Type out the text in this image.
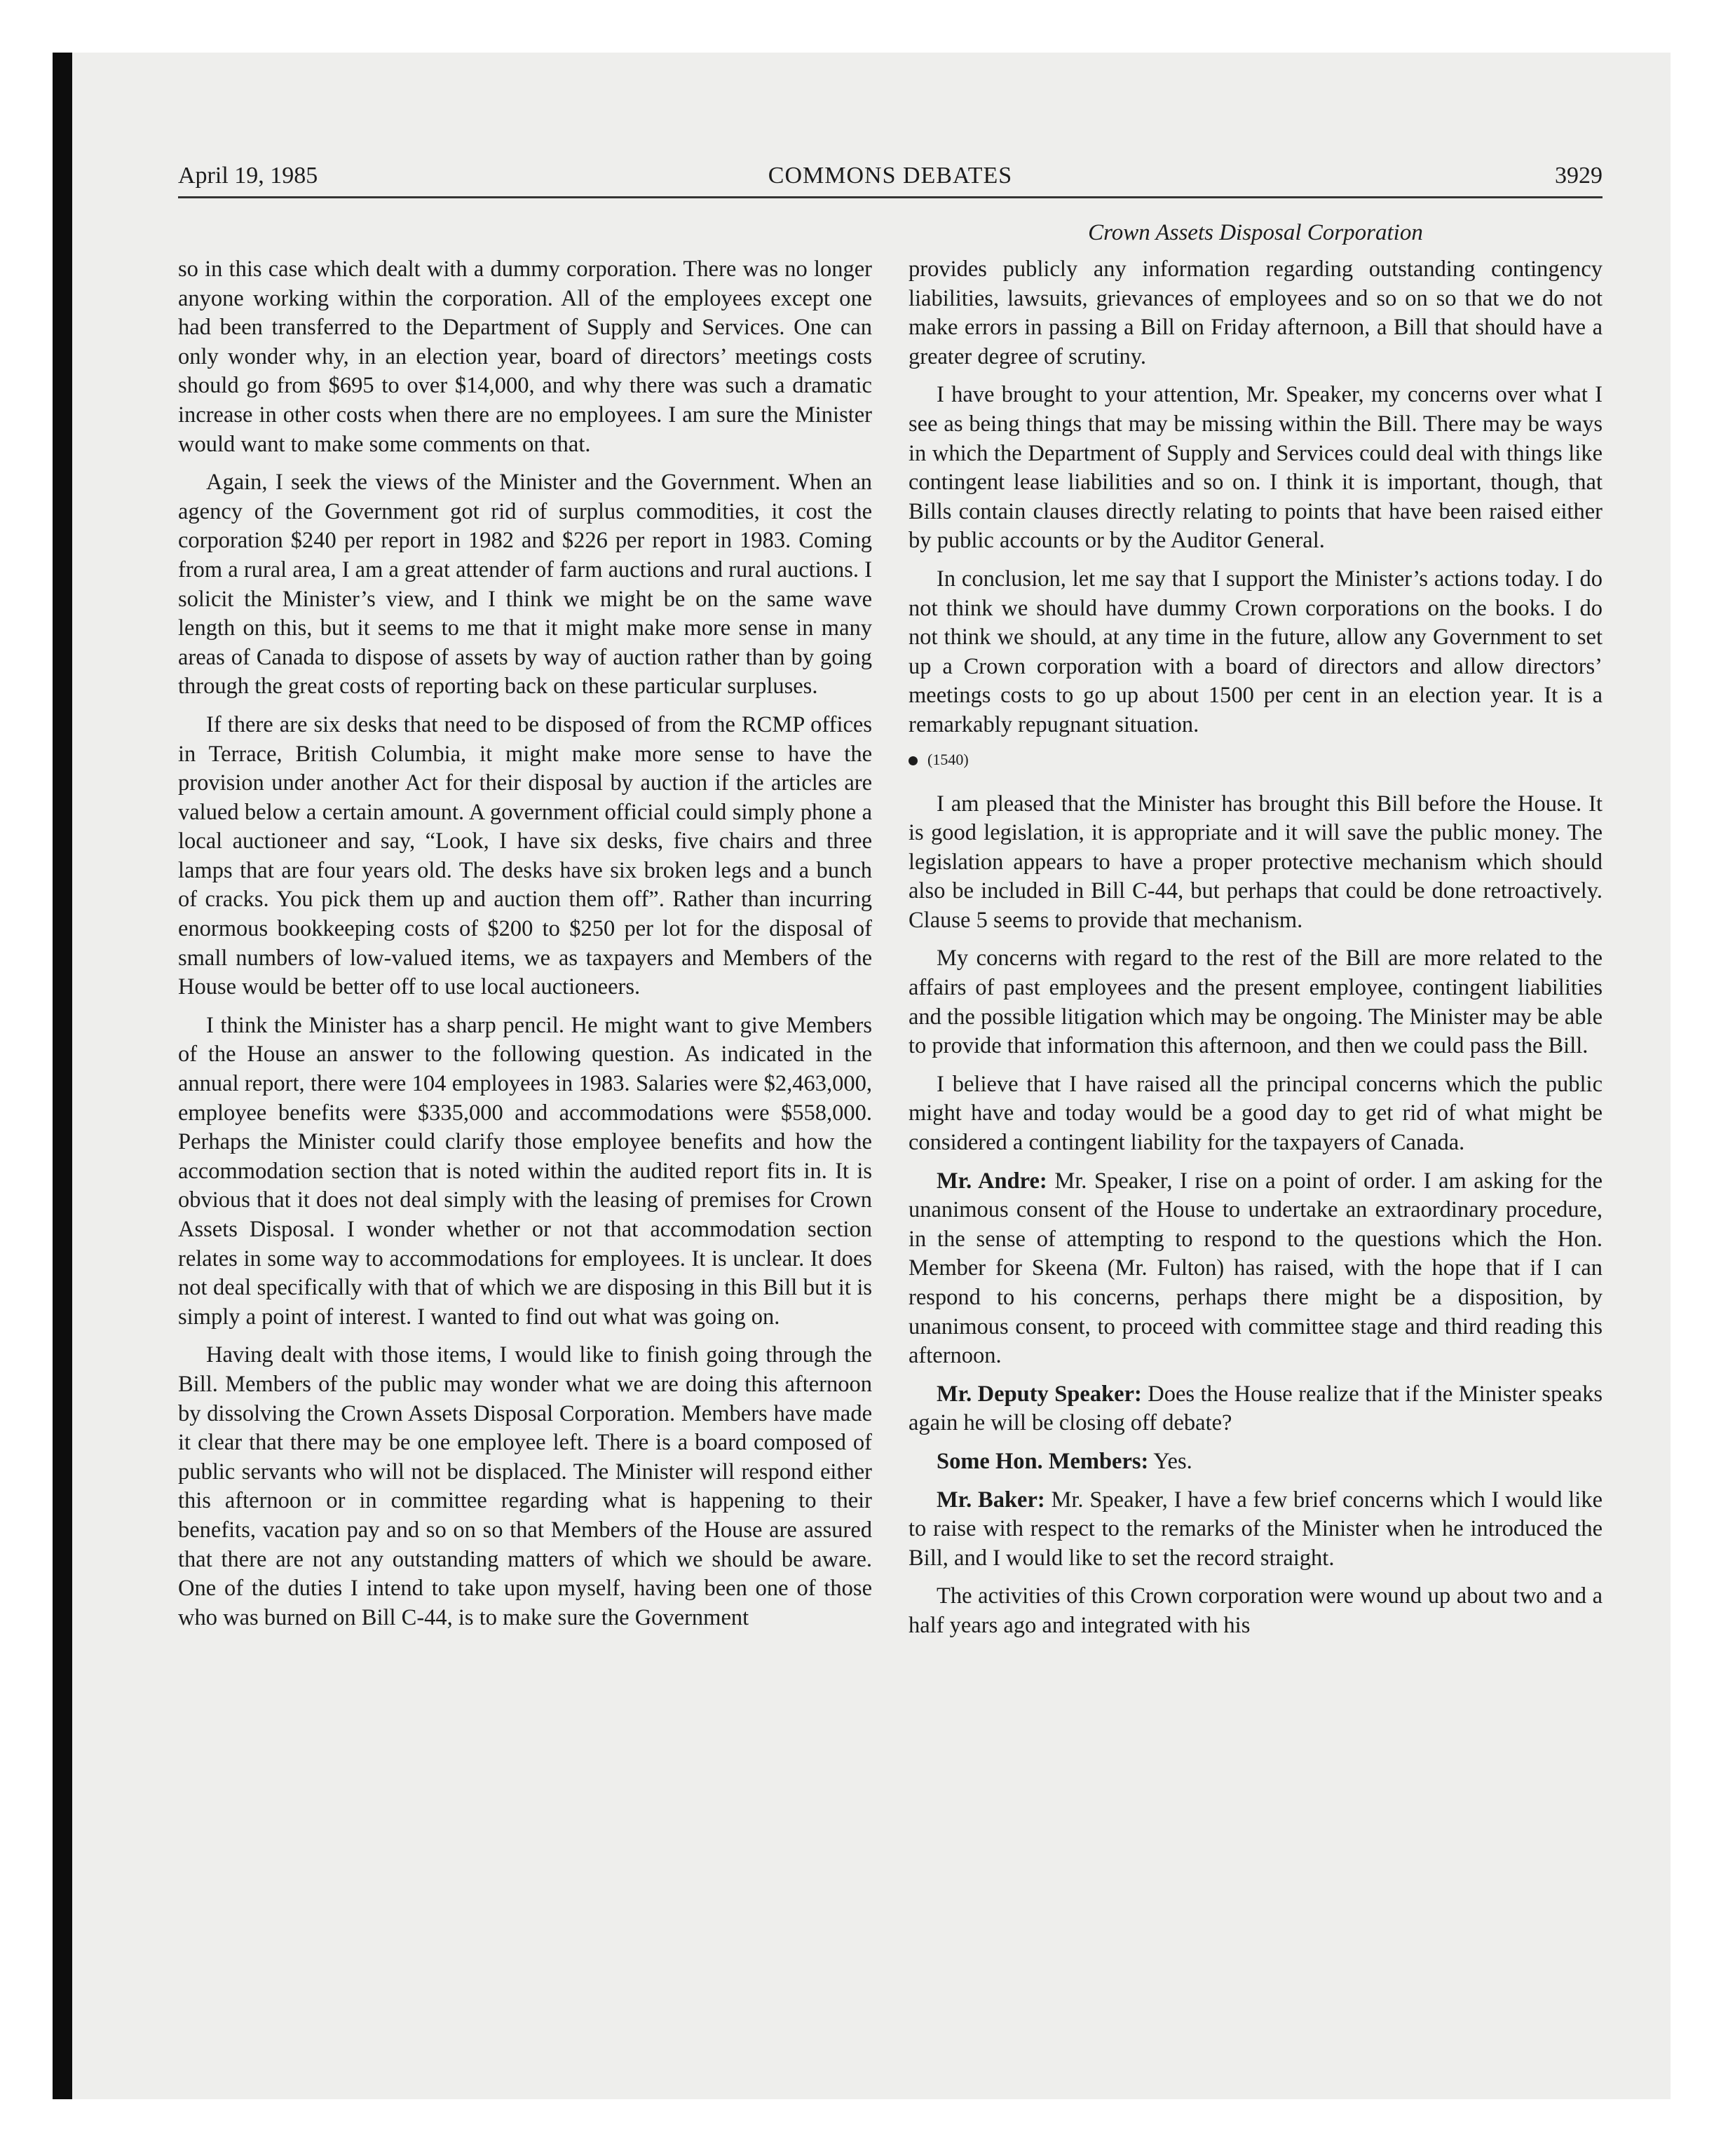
April 19, 1985	COMMONS DEBATES	3929
Crown Assets Disposal Corporation

so in this case which dealt with a dummy corporation. There was no longer anyone working within the corporation. All of the employees except one had been transferred to the Department of Supply and Services. One can only wonder why, in an election year, board of directors’ meetings costs should go from $695 to over $14,000, and why there was such a dramatic increase in other costs when there are no employees. I am sure the Minister would want to make some comments on that.

Again, I seek the views of the Minister and the Government. When an agency of the Government got rid of surplus commodities, it cost the corporation $240 per report in 1982 and $226 per report in 1983. Coming from a rural area, I am a great attender of farm auctions and rural auctions. I solicit the Minister’s view, and I think we might be on the same wave length on this, but it seems to me that it might make more sense in many areas of Canada to dispose of assets by way of auction rather than by going through the great costs of reporting back on these particular surpluses.

If there are six desks that need to be disposed of from the RCMP offices in Terrace, British Columbia, it might make more sense to have the provision under another Act for their disposal by auction if the articles are valued below a certain amount. A government official could simply phone a local auctioneer and say, “Look, I have six desks, five chairs and three lamps that are four years old. The desks have six broken legs and a bunch of cracks. You pick them up and auction them off”. Rather than incurring enormous bookkeeping costs of $200 to $250 per lot for the disposal of small numbers of low-valued items, we as taxpayers and Members of the House would be better off to use local auctioneers.

I think the Minister has a sharp pencil. He might want to give Members of the House an answer to the following question. As indicated in the annual report, there were 104 employees in 1983. Salaries were $2,463,000, employee benefits were $335,000 and accommodations were $558,000. Perhaps the Minister could clarify those employee benefits and how the accommodation section that is noted within the audited report fits in. It is obvious that it does not deal simply with the leasing of premises for Crown Assets Disposal. I wonder whether or not that accommodation section relates in some way to accommodations for employees. It is unclear. It does not deal specifically with that of which we are disposing in this Bill but it is simply a point of interest. I wanted to find out what was going on.

Having dealt with those items, I would like to finish going through the Bill. Members of the public may wonder what we are doing this afternoon by dissolving the Crown Assets Disposal Corporation. Members have made it clear that there may be one employee left. There is a board composed of public servants who will not be displaced. The Minister will respond either this afternoon or in committee regarding what is happening to their benefits, vacation pay and so on so that Members of the House are assured that there are not any outstanding matters of which we should be aware. One of the duties I intend to take upon myself, having been one of those who was burned on Bill C-44, is to make sure the Government

provides publicly any information regarding outstanding contingency liabilities, lawsuits, grievances of employees and so on so that we do not make errors in passing a Bill on Friday afternoon, a Bill that should have a greater degree of scrutiny.

I have brought to your attention, Mr. Speaker, my concerns over what I see as being things that may be missing within the Bill. There may be ways in which the Department of Supply and Services could deal with things like contingent lease liabilities and so on. I think it is important, though, that Bills contain clauses directly relating to points that have been raised either by public accounts or by the Auditor General.

In conclusion, let me say that I support the Minister’s actions today. I do not think we should have dummy Crown corporations on the books. I do not think we should, at any time in the future, allow any Government to set up a Crown corporation with a board of directors and allow directors’ meetings costs to go up about 1500 per cent in an election year. It is a remarkably repugnant situation.

(1540)

I am pleased that the Minister has brought this Bill before the House. It is good legislation, it is appropriate and it will save the public money. The legislation appears to have a proper protective mechanism which should also be included in Bill C-44, but perhaps that could be done retroactively. Clause 5 seems to provide that mechanism.

My concerns with regard to the rest of the Bill are more related to the affairs of past employees and the present employee, contingent liabilities and the possible litigation which may be ongoing. The Minister may be able to provide that information this afternoon, and then we could pass the Bill.

I believe that I have raised all the principal concerns which the public might have and today would be a good day to get rid of what might be considered a contingent liability for the taxpayers of Canada.

Mr. Andre: Mr. Speaker, I rise on a point of order. I am asking for the unanimous consent of the House to undertake an extraordinary procedure, in the sense of attempting to respond to the questions which the Hon. Member for Skeena (Mr. Fulton) has raised, with the hope that if I can respond to his concerns, perhaps there might be a disposition, by unanimous consent, to proceed with committee stage and third reading this afternoon.

Mr. Deputy Speaker: Does the House realize that if the Minister speaks again he will be closing off debate?

Some Hon. Members: Yes.

Mr. Baker: Mr. Speaker, I have a few brief concerns which I would like to raise with respect to the remarks of the Minister when he introduced the Bill, and I would like to set the record straight.

The activities of this Crown corporation were wound up about two and a half years ago and integrated with his
